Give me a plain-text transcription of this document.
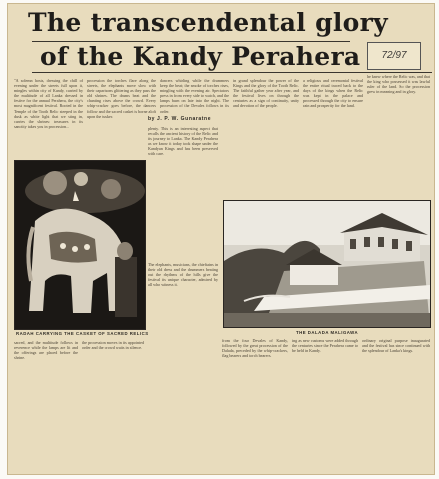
The transcendental glory
of the Kandy Perahera	72/97
"A solemn hosts, dressing the chill of evening under the streets full upon it, mingles within city of Kandy, carried by the multitude of all Lanka dressed in festive for the annual Perahera, the city's most magnificent festival. Rooted in the Temple of the Tooth Relic steeped in the dusk as white light that we sting in, carries the shrines: treasures in its sanctity takes you in procession...
procession the torches flare along the streets, the elephants move slow with their caparisons glittering as they pass the old shrines. The drums beat and the chanting rises above the crowd. Every whip-cracker goes before, the dancers follow and the sacred casket is borne aloft upon the tusker.
dancers whirling while the drummers keep the beat; the smoke of torches rises, mingling with the evening air. Spectators press in from every side to watch, and the lamps burn on late into the night. The procession of the Devales follows in its order.
in grand splendour the power of the Kings and the glory of the Tooth Relic. The faithful gather year after year, and the festival lives on through the centuries as a sign of continuity, unity and devotion of the people.
a religious and ceremonial festival the entire ritual traced back to the days of the kings when the Relic was kept in the palace and processed through the city to ensure rain and prosperity for the land.
he knew where the Relic was, and that the king who possessed it was lawful ruler of the land. So the procession grew in meaning and in glory.
by J. P. W. Gunaratne
plenty. This is an interesting aspect that recalls the ancient history of the Relic and its journey to Lanka. The Kandy Perahera as we know it today took shape under the Kandyan Kings and has been preserved with care.
The elephants, musicians, the chieftains in their old dress and the drummers beating out the rhythms of the hills give the festival its unique character, admired by all who witness it.
RADAH CARRYING THE CASKET OF SACRED RELICS
sacred, and the multitude follows in reverence while the lamps are lit and the offerings are placed before the shrine.
the procession moves in its appointed order and the crowd waits in silence.
THE DALADA MALIGAWA
from the four Devales of Kandy, followed by the great procession of the Dalada, preceded by the whip-crackers, flag bearers and torch bearers.
ing as new customs were added through the centuries since the Perahera came to be held in Kandy.
ordinary original purpose inaugurated and the festival has since continued with the splendour of Lanka's kings.
